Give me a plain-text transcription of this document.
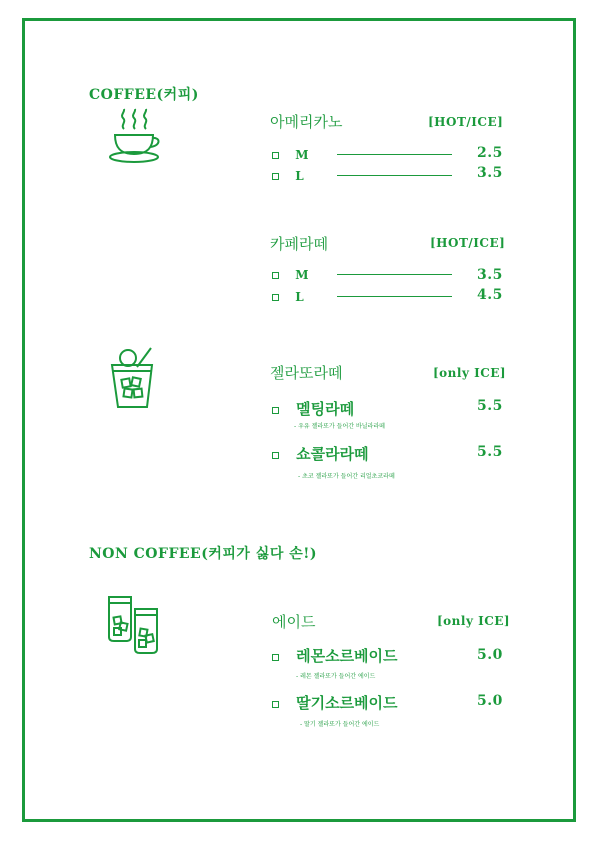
COFFEE(커피)
아메리카노	[HOT/ICE]
M	2.5
L	3.5
카페라떼	[HOT/ICE]
M	3.5
L	4.5
젤라또라떼	[only ICE]
멜팅라떼	5.5
- 우유 젤라또가 들어간 바닐라라떼
쇼콜라라떼	5.5
- 초코 젤라또가 들어간 리얼초코라떼
NON COFFEE(커피가 싫다 손!)
에이드	[only ICE]
레몬소르베이드	5.0
- 레몬 젤라또가 들어간 에이드
딸기소르베이드	5.0
- 딸기 젤라또가 들어간 에이드
